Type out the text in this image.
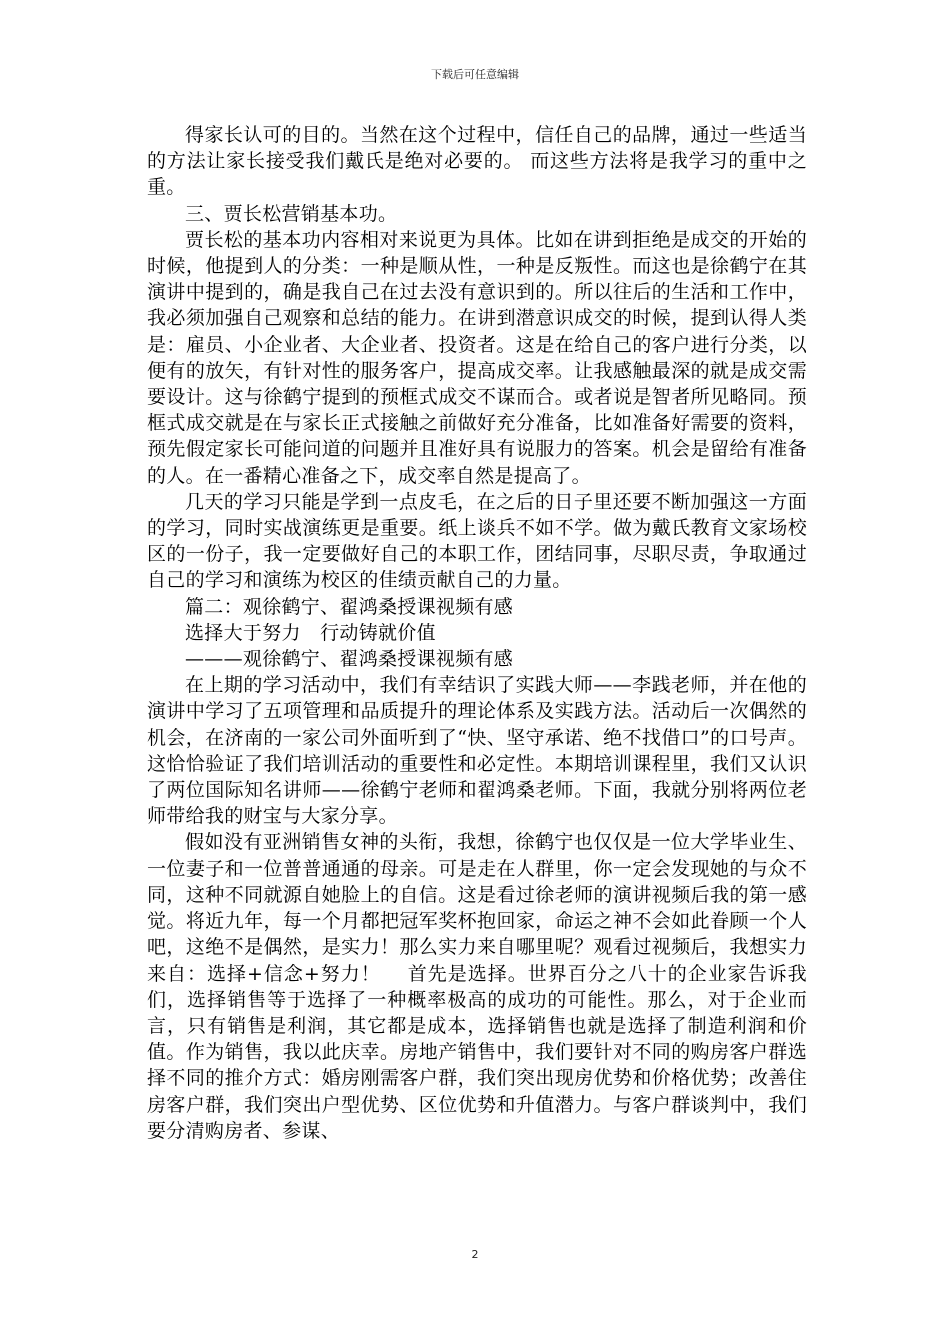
下载后可任意编辑

得家长认可的目的。当然在这个过程中，信任自己的品牌，通过一些适当的方法让家长接受我们戴氏是绝对必要的。 而这些方法将是我学习的重中之重。

三、贾长松营销基本功。

贾长松的基本功内容相对来说更为具体。比如在讲到拒绝是成交的开始的时候，他提到人的分类：一种是顺从性，一种是反叛性。而这也是徐鹤宁在其演讲中提到的，确是我自己在过去没有意识到的。所以往后的生活和工作中，我必须加强自己观察和总结的能力。在讲到潜意识成交的时候，提到认得人类是：雇员、小企业者、大企业者、投资者。这是在给自己的客户进行分类，以便有的放矢，有针对性的服务客户，提高成交率。让我感触最深的就是成交需要设计。这与徐鹤宁提到的预框式成交不谋而合。或者说是智者所见略同。预框式成交就是在与家长正式接触之前做好充分准备，比如准备好需要的资料，预先假定家长可能问道的问题并且准好具有说服力的答案。机会是留给有准备的人。在一番精心准备之下，成交率自然是提高了。

几天的学习只能是学到一点皮毛，在之后的日子里还要不断加强这一方面的学习，同时实战演练更是重要。纸上谈兵不如不学。做为戴氏教育文家场校区的一份子，我一定要做好自己的本职工作，团结同事，尽职尽责，争取通过自己的学习和演练为校区的佳绩贡献自己的力量。

篇二：观徐鹤宁、翟鸿桑授课视频有感

选择大于努力　行动铸就价值

———观徐鹤宁、翟鸿桑授课视频有感

在上期的学习活动中，我们有幸结识了实践大师——李践老师，并在他的演讲中学习了五项管理和品质提升的理论体系及实践方法。活动后一次偶然的机会，在济南的一家公司外面听到了“快、坚守承诺、绝不找借口”的口号声。这恰恰验证了我们培训活动的重要性和必定性。本期培训课程里，我们又认识了两位国际知名讲师——徐鹤宁老师和翟鸿桑老师。下面，我就分别将两位老师带给我的财宝与大家分享。

假如没有亚洲销售女神的头衔，我想，徐鹤宁也仅仅是一位大学毕业生、一位妻子和一位普普通通的母亲。可是走在人群里，你一定会发现她的与众不同，这种不同就源自她脸上的自信。这是看过徐老师的演讲视频后我的第一感觉。将近九年，每一个月都把冠军奖杯抱回家，命运之神不会如此眷顾一个人吧，这绝不是偶然，是实力！那么实力来自哪里呢？观看过视频后，我想实力来自：选择+信念+努力！　 首先是选择。世界百分之八十的企业家告诉我们，选择销售等于选择了一种概率极高的成功的可能性。那么，对于企业而言，只有销售是利润，其它都是成本，选择销售也就是选择了制造利润和价值。作为销售，我以此庆幸。房地产销售中，我们要针对不同的购房客户群选择不同的推介方式：婚房刚需客户群，我们突出现房优势和价格优势；改善住房客户群，我们突出户型优势、区位优势和升值潜力。与客户群谈判中，我们要分清购房者、参谋、

2
